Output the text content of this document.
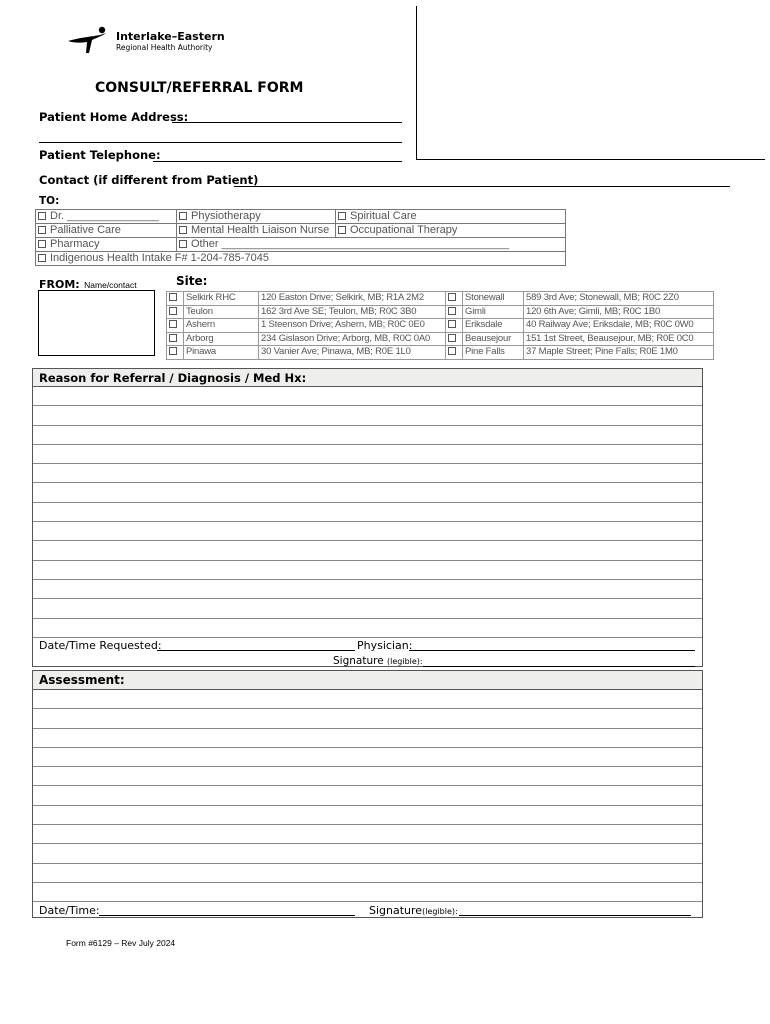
Interlake–Eastern
Regional Health Authority
CONSULT/REFERRAL FORM
Patient Home Address:
Patient Telephone:
Contact (if different from Patient)
TO:
Dr. _______________	Physiotherapy	Spiritual Care
Palliative Care	Mental Health Liaison Nurse	Occupational Therapy
Pharmacy	Other _______________________________________________	
Indigenous Health Intake F# 1-204-785-7045		
FROM: Name/contact	Site:
	Selkirk RHC	120 Easton Drive; Selkirk, MB; R1A 2M2		Stonewall	589 3rd Ave; Stonewall, MB; R0C 2Z0
	Teulon	162 3rd Ave SE; Teulon, MB; R0C 3B0		Gimli	120 6th Ave; Gimli, MB; R0C 1B0
	Ashern	1 Steenson Drive; Ashern, MB; R0C 0E0		Eriksdale	40 Railway Ave; Eriksdale, MB; R0C 0W0
	Arborg	234 Gislason Drive; Arborg, MB, R0C 0A0		Beausejour	151 1st Street, Beausejour, MB; R0E 0C0
	Pinawa	30 Vanier Ave; Pinawa, MB; R0E 1L0		Pine Falls	37 Maple Street; Pine Falls; R0E 1M0
Reason for Referral / Diagnosis / Med Hx:
Date/Time Requested:	Physician:
Signature (legible):
Assessment:
Date/Time:	Signature(legible):
Form #6129 – Rev July 2024
